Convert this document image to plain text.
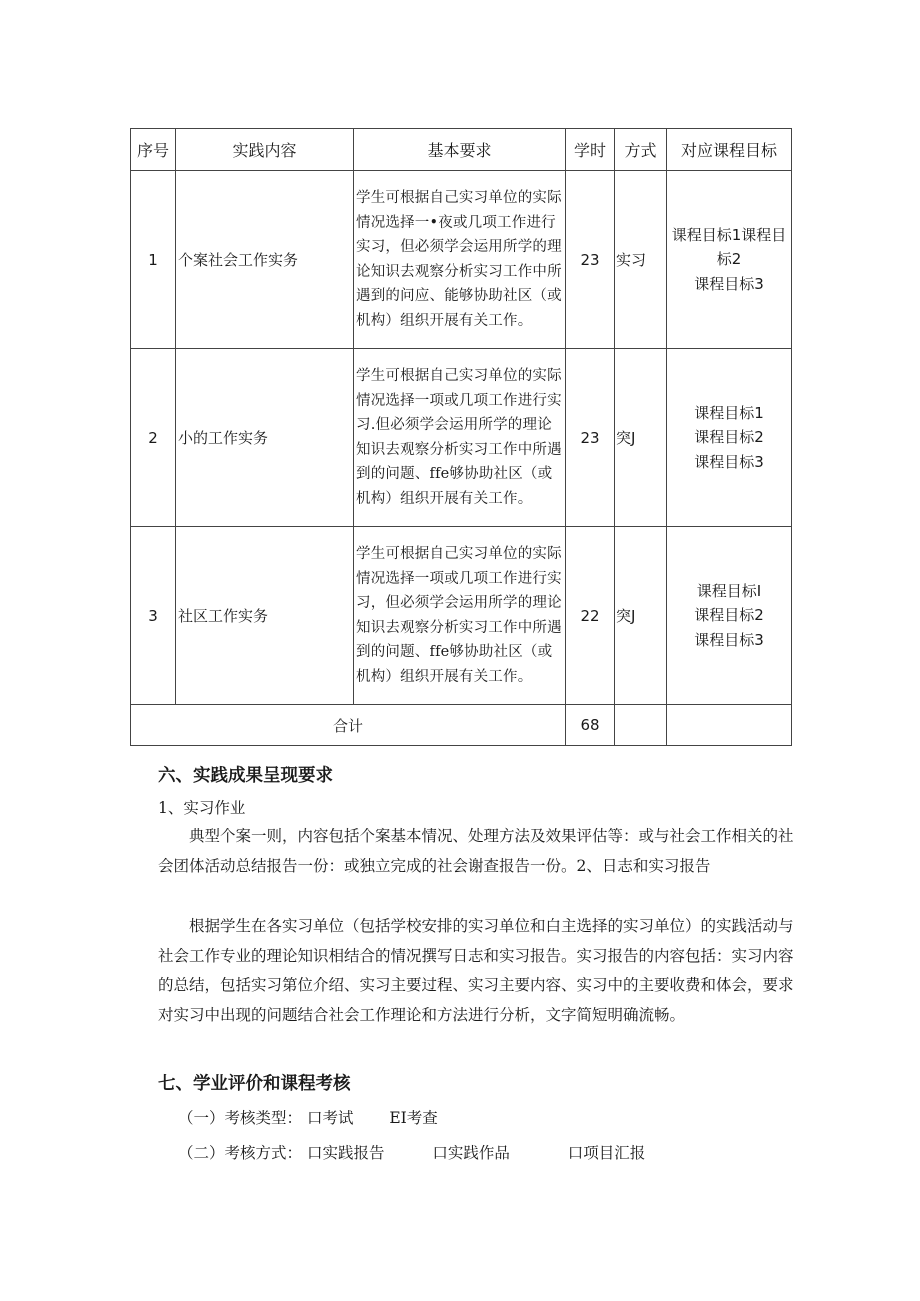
序号	实践内容	基本要求	学时	方式	对应课程目标
1	个案社会工作实务	学生可根据自己实习单位的实际情况选择一•夜或几项工作进行实习，但必须学会运用所学的理论知识去观察分析实习工作中所遇到的问应、能够协助社区（或机构）组织开展有关工作。	23	实习	课程目标1课程目
标2
课程目标3

2	小的工作实务	学生可根据自己实习单位的实际情况选择一项或几项工作进行实习.但必须学会运用所学的理论知识去观察分析实习工作中所遇到的问题、ffe够协助社区（或机构）组织开展有关工作。	23	突J	课程目标1
课程目标2
课程目标3

3	社区工作实务	学生可根据自己实习单位的实际情况选择一项或几项工作进行实习，但必须学会运用所学的理论知识去观察分析实习工作中所遇到的问题、ffe够协助社区（或机构）组织开展有关工作。	22	突J	课程目标I
课程目标2
课程目标3

合计			68		
六、实践成果呈现要求
1、实习作业
典型个案一则，内容包括个案基本情况、处理方法及效果评估等：或与社会工作相关的社会团体活动总结报告一份：或独立完成的社会谢查报告一份。2、日志和实习报告
根据学生在各实习单位（包括学校安排的实习单位和白主选择的实习单位）的实践活动与社会工作专业的理论知识相结合的情况撰写日志和实习报告。实习报告的内容包括：实习内容的总结，包括实习第位介绍、实习主要过程、实习主要内容、实习中的主要收费和体会，要求对实习中出现的问题结合社会工作理论和方法进行分析，文字简短明确流畅。
七、学业评价和课程考核
（一）考核类型： 口考试 EI考查
（二）考核方式： 口实践报告	口实践作品	口项目汇报
